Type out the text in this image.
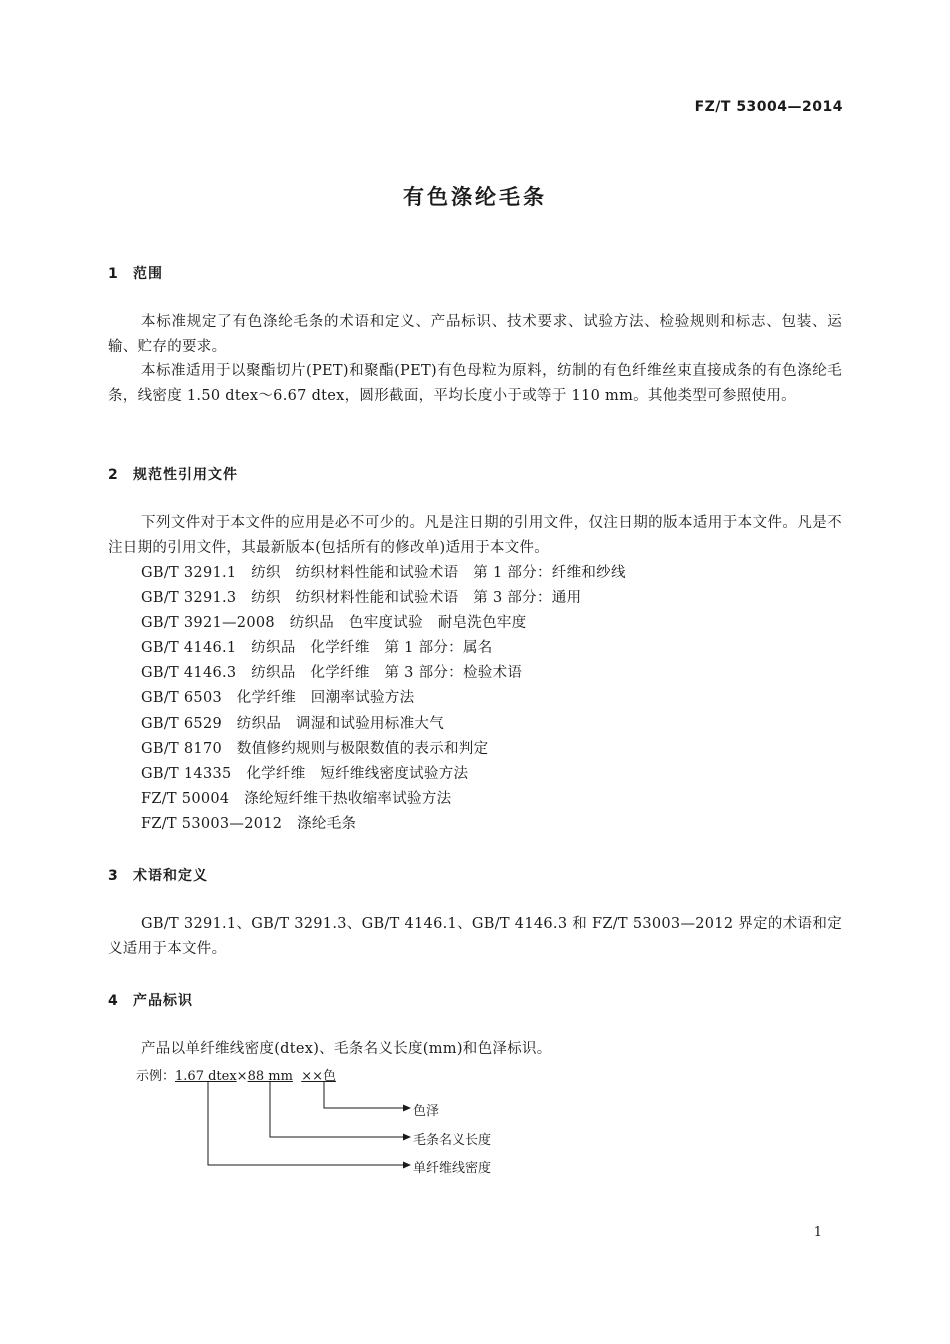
FZ/T 53004—2014
有色涤纶毛条
1 范围
本标准规定了有色涤纶毛条的术语和定义、产品标识、技术要求、试验方法、检验规则和标志、包装、运输、贮存的要求。
本标准适用于以聚酯切片(PET)和聚酯(PET)有色母粒为原料，纺制的有色纤维丝束直接成条的有色涤纶毛条，线密度 1.50 dtex～6.67 dtex，圆形截面，平均长度小于或等于 110 mm。其他类型可参照使用。
2 规范性引用文件
下列文件对于本文件的应用是必不可少的。凡是注日期的引用文件，仅注日期的版本适用于本文件。凡是不注日期的引用文件，其最新版本(包括所有的修改单)适用于本文件。
GB/T 3291.1　纺织　纺织材料性能和试验术语　第 1 部分：纤维和纱线
GB/T 3291.3　纺织　纺织材料性能和试验术语　第 3 部分：通用
GB/T 3921—2008　纺织品　色牢度试验　耐皂洗色牢度
GB/T 4146.1　纺织品　化学纤维　第 1 部分：属名
GB/T 4146.3　纺织品　化学纤维　第 3 部分：检验术语
GB/T 6503　化学纤维　回潮率试验方法
GB/T 6529　纺织品　调湿和试验用标准大气
GB/T 8170　数值修约规则与极限数值的表示和判定
GB/T 14335　化学纤维　短纤维线密度试验方法
FZ/T 50004　涤纶短纤维干热收缩率试验方法
FZ/T 53003—2012　涤纶毛条
3 术语和定义
GB/T 3291.1、GB/T 3291.3、GB/T 4146.1、GB/T 4146.3 和 FZ/T 53003—2012 界定的术语和定义适用于本文件。
4 产品标识
产品以单纤维线密度(dtex)、毛条名义长度(mm)和色泽标识。
示例：1.67 dtex×88 mm ××色
色泽
毛条名义长度
单纤维线密度
1
